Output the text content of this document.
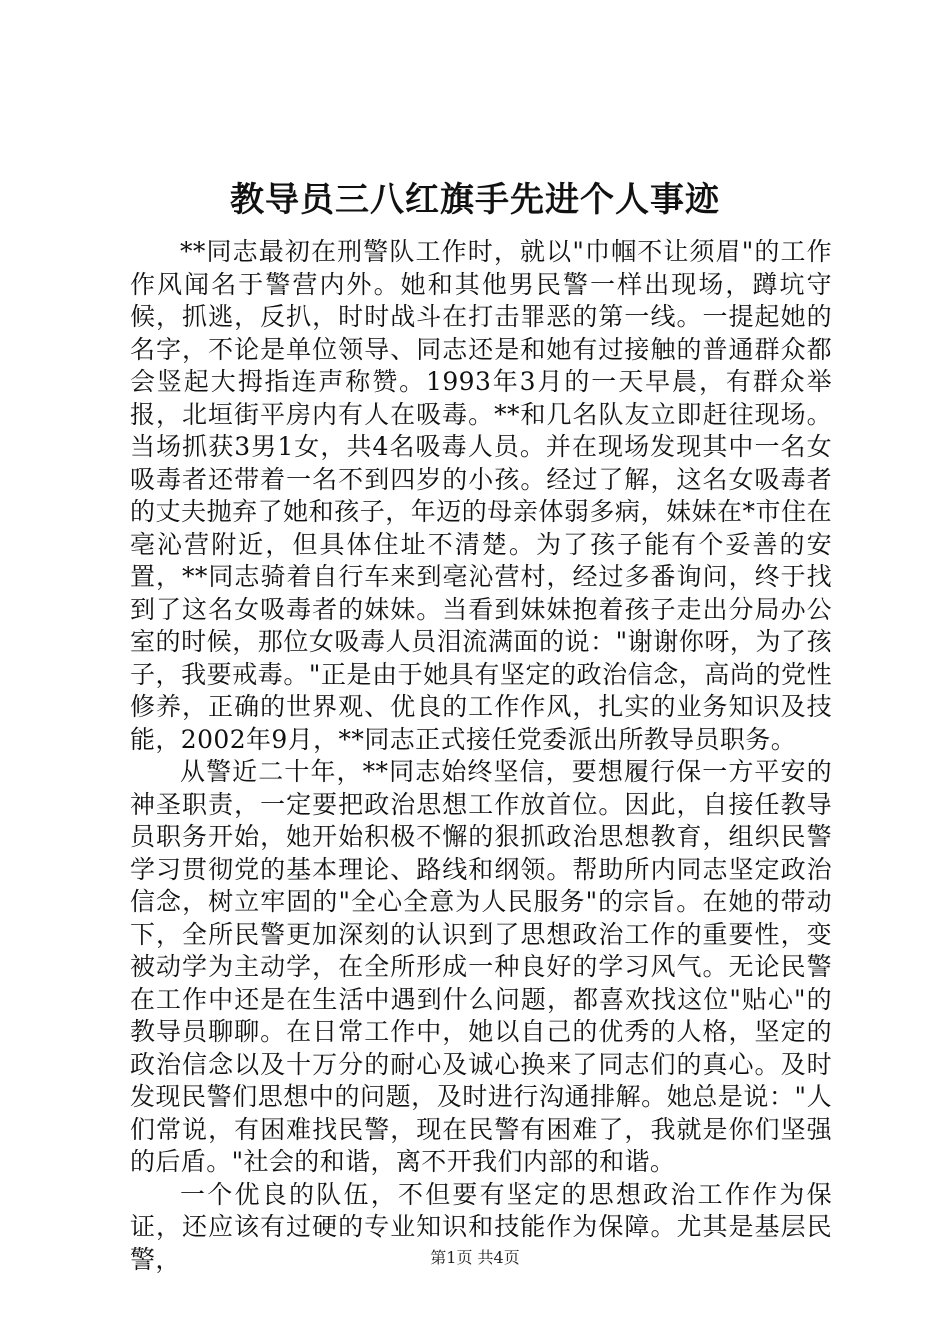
教导员三八红旗手先进个人事迹

**同志最初在刑警队工作时，就以"巾帼不让须眉"的工作作风闻名于警营内外。她和其他男民警一样出现场，蹲坑守候，抓逃，反扒，时时战斗在打击罪恶的第一线。一提起她的名字，不论是单位领导、同志还是和她有过接触的普通群众都会竖起大拇指连声称赞。1993年3月的一天早晨，有群众举报，北垣街平房内有人在吸毒。**和几名队友立即赶往现场。当场抓获3男1女，共4名吸毒人员。并在现场发现其中一名女吸毒者还带着一名不到四岁的小孩。经过了解，这名女吸毒者的丈夫抛弃了她和孩子，年迈的母亲体弱多病，妹妹在*市住在亳沁营附近，但具体住址不清楚。为了孩子能有个妥善的安置，**同志骑着自行车来到亳沁营村，经过多番询问，终于找到了这名女吸毒者的妹妹。当看到妹妹抱着孩子走出分局办公室的时候，那位女吸毒人员泪流满面的说："谢谢你呀，为了孩子，我要戒毒。"正是由于她具有坚定的政治信念，高尚的党性修养，正确的世界观、优良的工作作风，扎实的业务知识及技能，2002年9月，**同志正式接任党委派出所教导员职务。

从警近二十年，**同志始终坚信，要想履行保一方平安的神圣职责，一定要把政治思想工作放首位。因此，自接任教导员职务开始，她开始积极不懈的狠抓政治思想教育，组织民警学习贯彻党的基本理论、路线和纲领。帮助所内同志坚定政治信念，树立牢固的"全心全意为人民服务"的宗旨。在她的带动下，全所民警更加深刻的认识到了思想政治工作的重要性，变被动学为主动学，在全所形成一种良好的学习风气。无论民警在工作中还是在生活中遇到什么问题，都喜欢找这位"贴心"的教导员聊聊。在日常工作中，她以自己的优秀的人格，坚定的政治信念以及十万分的耐心及诚心换来了同志们的真心。及时发现民警们思想中的问题，及时进行沟通排解。她总是说："人们常说，有困难找民警，现在民警有困难了，我就是你们坚强的后盾。"社会的和谐，离不开我们内部的和谐。

一个优良的队伍，不但要有坚定的思想政治工作作为保证，还应该有过硬的专业知识和技能作为保障。尤其是基层民警，	第1页 共4页
